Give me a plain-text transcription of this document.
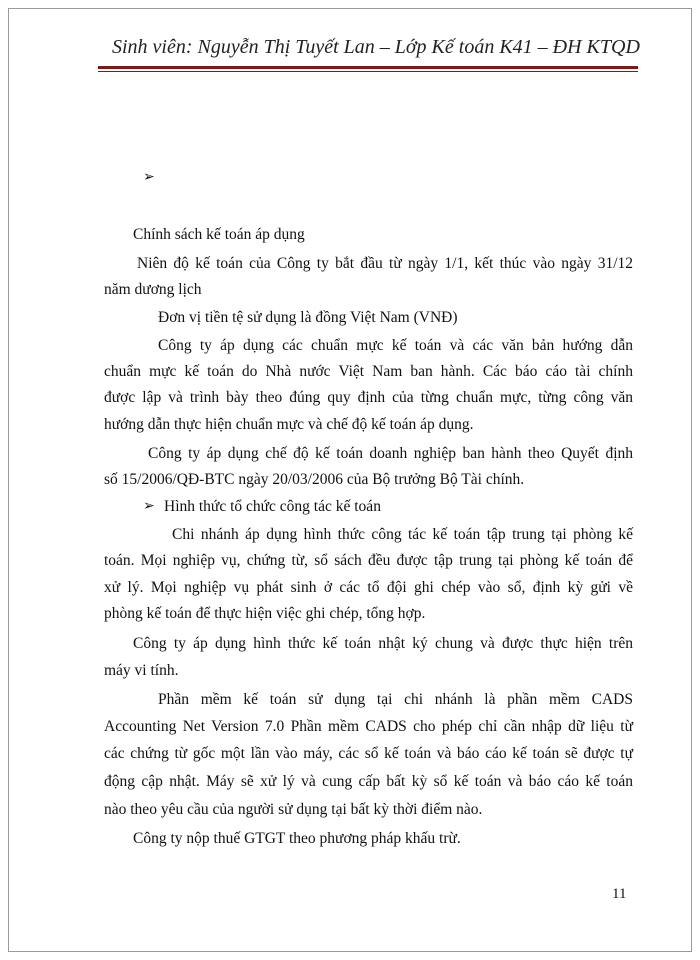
Sinh viên: Nguyễn Thị Tuyết Lan – Lớp Kế toán K41 – ĐH KTQD
➢
Chính sách kế toán áp dụng
Niên độ kế toán của Công ty bắt đầu từ ngày 1/1, kết thúc vào ngày 31/12
năm dương lịch
Đơn vị tiền tệ sử dụng là đồng Việt Nam (VNĐ)
Công ty áp dụng các chuẩn mực kế toán và các văn bản hướng dẫn
chuẩn mực kế toán do Nhà nước Việt Nam ban hành. Các báo cáo tài chính
được lập và trình bày theo đúng quy định của từng chuẩn mực, từng công văn
hướng dẫn thực hiện chuẩn mực và chế độ kế toán áp dụng.
Công ty áp dụng chế độ kế toán doanh nghiệp ban hành theo Quyết định
số 15/2006/QĐ-BTC ngày 20/03/2006 của Bộ trưởng Bộ Tài chính.
➢ Hình thức tổ chức công tác kế toán
Chi nhánh áp dụng hình thức công tác kế toán tập trung tại phòng kế
toán. Mọi nghiệp vụ, chứng từ, sổ sách đều được tập trung tại phòng kế toán để
xử lý. Mọi nghiệp vụ phát sinh ở các tổ đội ghi chép vào sổ, định kỳ gửi về
phòng kế toán để thực hiện việc ghi chép, tổng hợp.
Công ty áp dụng hình thức kế toán nhật ký chung và được thực hiện trên
máy vi tính.
Phần mềm kế toán sử dụng tại chi nhánh là phần mềm CADS
Accounting Net Version 7.0 Phần mềm CADS cho phép chỉ cần nhập dữ liệu từ
các chứng từ gốc một lần vào máy, các sổ kế toán và báo cáo kế toán sẽ được tự
động cập nhật. Máy sẽ xử lý và cung cấp bất kỳ sổ kế toán và báo cáo kế toán
nào theo yêu cầu của người sử dụng tại bất kỳ thời điểm nào.
Công ty nộp thuế GTGT theo phương pháp khấu trừ.
11
